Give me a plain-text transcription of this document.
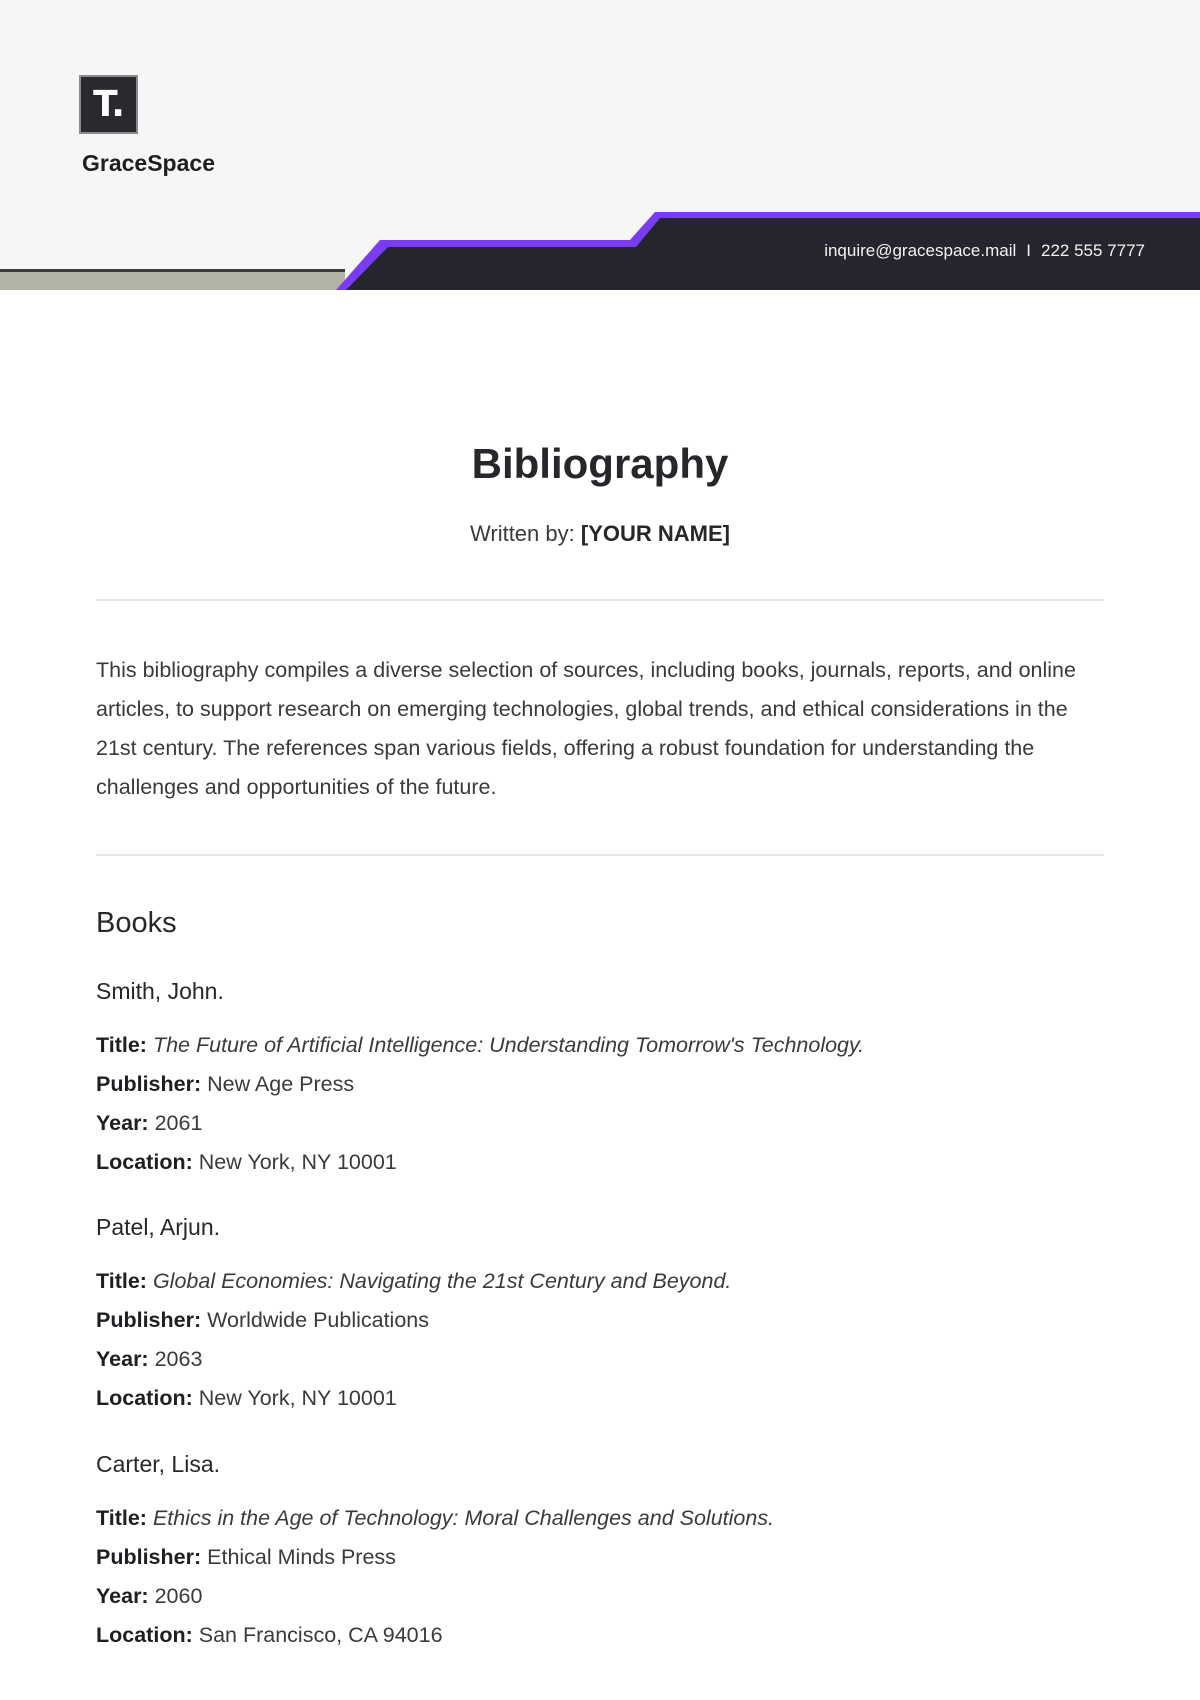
T.
GraceSpace
inquire@gracespace.mail I 222 555 7777
Bibliography
Written by: [YOUR NAME]

This bibliography compiles a diverse selection of sources, including books, journals, reports, and online articles, to support research on emerging technologies, global trends, and ethical considerations in the 21st century. The references span various fields, offering a robust foundation for understanding the challenges and opportunities of the future.

Books
Smith, John.
Title: The Future of Artificial Intelligence: Understanding Tomorrow's Technology.
Publisher: New Age Press
Year: 2061
Location: New York, NY 10001
Patel, Arjun.
Title: Global Economies: Navigating the 21st Century and Beyond.
Publisher: Worldwide Publications
Year: 2063
Location: New York, NY 10001
Carter, Lisa.
Title: Ethics in the Age of Technology: Moral Challenges and Solutions.
Publisher: Ethical Minds Press
Year: 2060
Location: San Francisco, CA 94016
